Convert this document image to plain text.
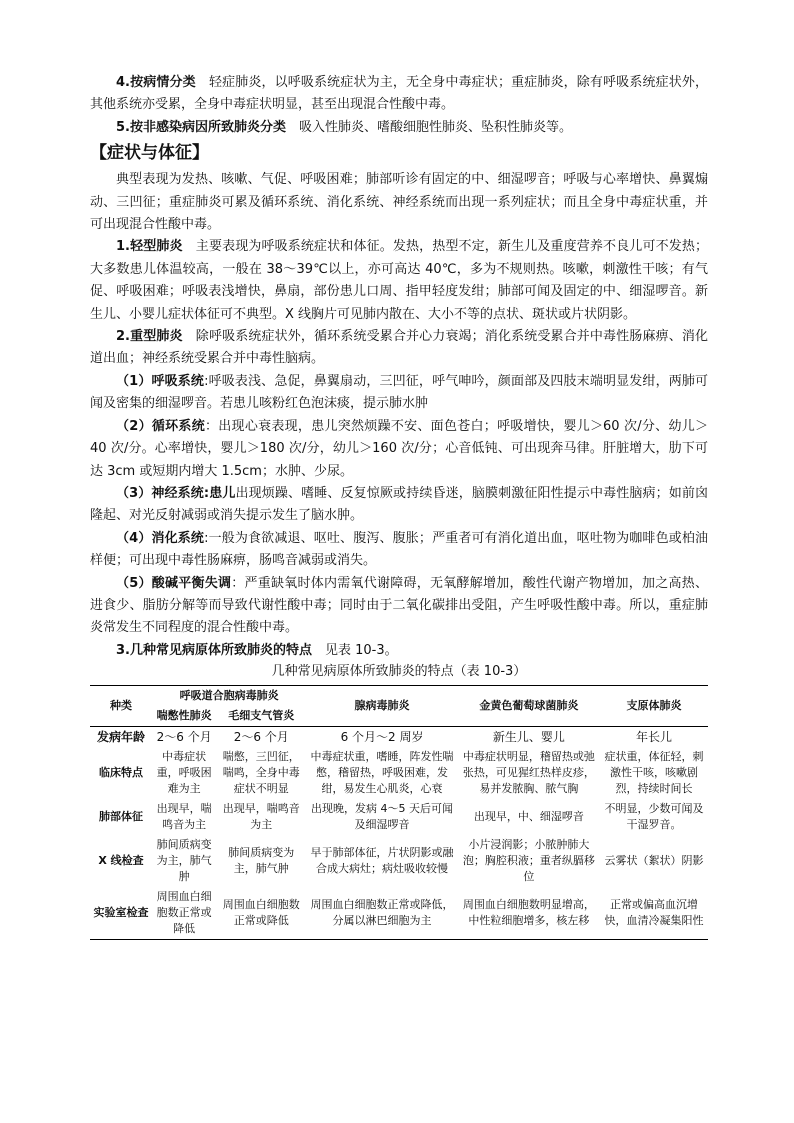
4.按病情分类　轻症肺炎，以呼吸系统症状为主，无全身中毒症状；重症肺炎，除有呼吸系统症状外，其他系统亦受累，全身中毒症状明显，甚至出现混合性酸中毒。

5.按非感染病因所致肺炎分类　吸入性肺炎、嗜酸细胞性肺炎、坠积性肺炎等。

【症状与体征】

典型表现为发热、咳嗽、气促、呼吸困难；肺部听诊有固定的中、细湿啰音；呼吸与心率增快、鼻翼煽动、三凹征；重症肺炎可累及循环系统、消化系统、神经系统而出现一系列症状；而且全身中毒症状重，并可出现混合性酸中毒。

1.轻型肺炎　主要表现为呼吸系统症状和体征。发热，热型不定，新生儿及重度营养不良儿可不发热；大多数患儿体温较高，一般在 38～39℃以上，亦可高达 40℃，多为不规则热。咳嗽，刺激性干咳；有气促、呼吸困难；呼吸表浅增快，鼻扇，部份患儿口周、指甲轻度发绀；肺部可闻及固定的中、细湿啰音。新生儿、小婴儿症状体征可不典型。X 线胸片可见肺内散在、大小不等的点状、斑状或片状阴影。

2.重型肺炎　除呼吸系统症状外，循环系统受累合并心力衰竭；消化系统受累合并中毒性肠麻痹、消化道出血；神经系统受累合并中毒性脑病。

（1）呼吸系统:呼吸表浅、急促，鼻翼扇动，三凹征，呼气呻吟，颜面部及四肢末端明显发绀，两肺可闻及密集的细湿啰音。若患儿咳粉红色泡沫痰，提示肺水肿

（2）循环系统：出现心衰表现，患儿突然烦躁不安、面色苍白；呼吸增快，婴儿＞60 次/分、幼儿＞40 次/分。心率增快，婴儿＞180 次/分，幼儿＞160 次/分；心音低钝、可出现奔马律。肝脏增大，肋下可达 3cm 或短期内增大 1.5cm；水肿、少尿。

（3）神经系统:患儿出现烦躁、嗜睡、反复惊厥或持续昏迷，脑膜刺激征阳性提示中毒性脑病；如前囟隆起、对光反射减弱或消失提示发生了脑水肿。

（4）消化系统:一般为食欲减退、呕吐、腹泻、腹胀；严重者可有消化道出血，呕吐物为咖啡色或柏油样便；可出现中毒性肠麻痹，肠鸣音减弱或消失。

（5）酸碱平衡失调：严重缺氧时体内需氧代谢障碍，无氧酵解增加，酸性代谢产物增加，加之高热、进食少、脂肪分解等而导致代谢性酸中毒；同时由于二氧化碳排出受阻，产生呼吸性酸中毒。所以，重症肺炎常发生不同程度的混合性酸中毒。

3.几种常见病原体所致肺炎的特点　见表 10-3。

几种常见病原体所致肺炎的特点（表 10-3）
种类	呼吸道合胞病毒肺炎		腺病毒肺炎	金黄色葡萄球菌肺炎	支原体肺炎
	喘憋性肺炎	毛细支气管炎			
发病年龄	2～6 个月	2～6 个月	6 个月～2 周岁	新生儿、婴儿	年长儿
临床特点	中毒症状重，呼吸困难为主	喘憋，三凹征，喘鸣，全身中毒症状不明显	中毒症状重，嗜睡，阵发性喘憋，稽留热，呼吸困难，发绀，易发生心肌炎，心衰	中毒症状明显，稽留热或弛张热，可见猩红热样皮疹，易并发脓胸、脓气胸	症状重，体征轻，刺激性干咳，咳嗽剧烈，持续时间长
肺部体征	出现早，喘鸣音为主	出现早，喘鸣音为主	出现晚，发病 4～5 天后可闻及细湿啰音	出现早，中、细湿啰音	不明显，少数可闻及干湿罗音。
X 线检查	肺间质病变为主，肺气肿	肺间质病变为主，肺气肿	早于肺部体征，片状阴影或融合成大病灶；病灶吸收较慢	小片浸润影；小脓肿肺大泡；胸腔积液；重者纵膈移位	云雾状（絮状）阴影
实验室检查	周围血白细胞数正常或降低	周围血白细胞数正常或降低	周围血白细胞数正常或降低，分属以淋巴细胞为主	周围血白细胞数明显增高，中性粒细胞增多，核左移	正常或偏高血沉增快，血清冷凝集阳性
